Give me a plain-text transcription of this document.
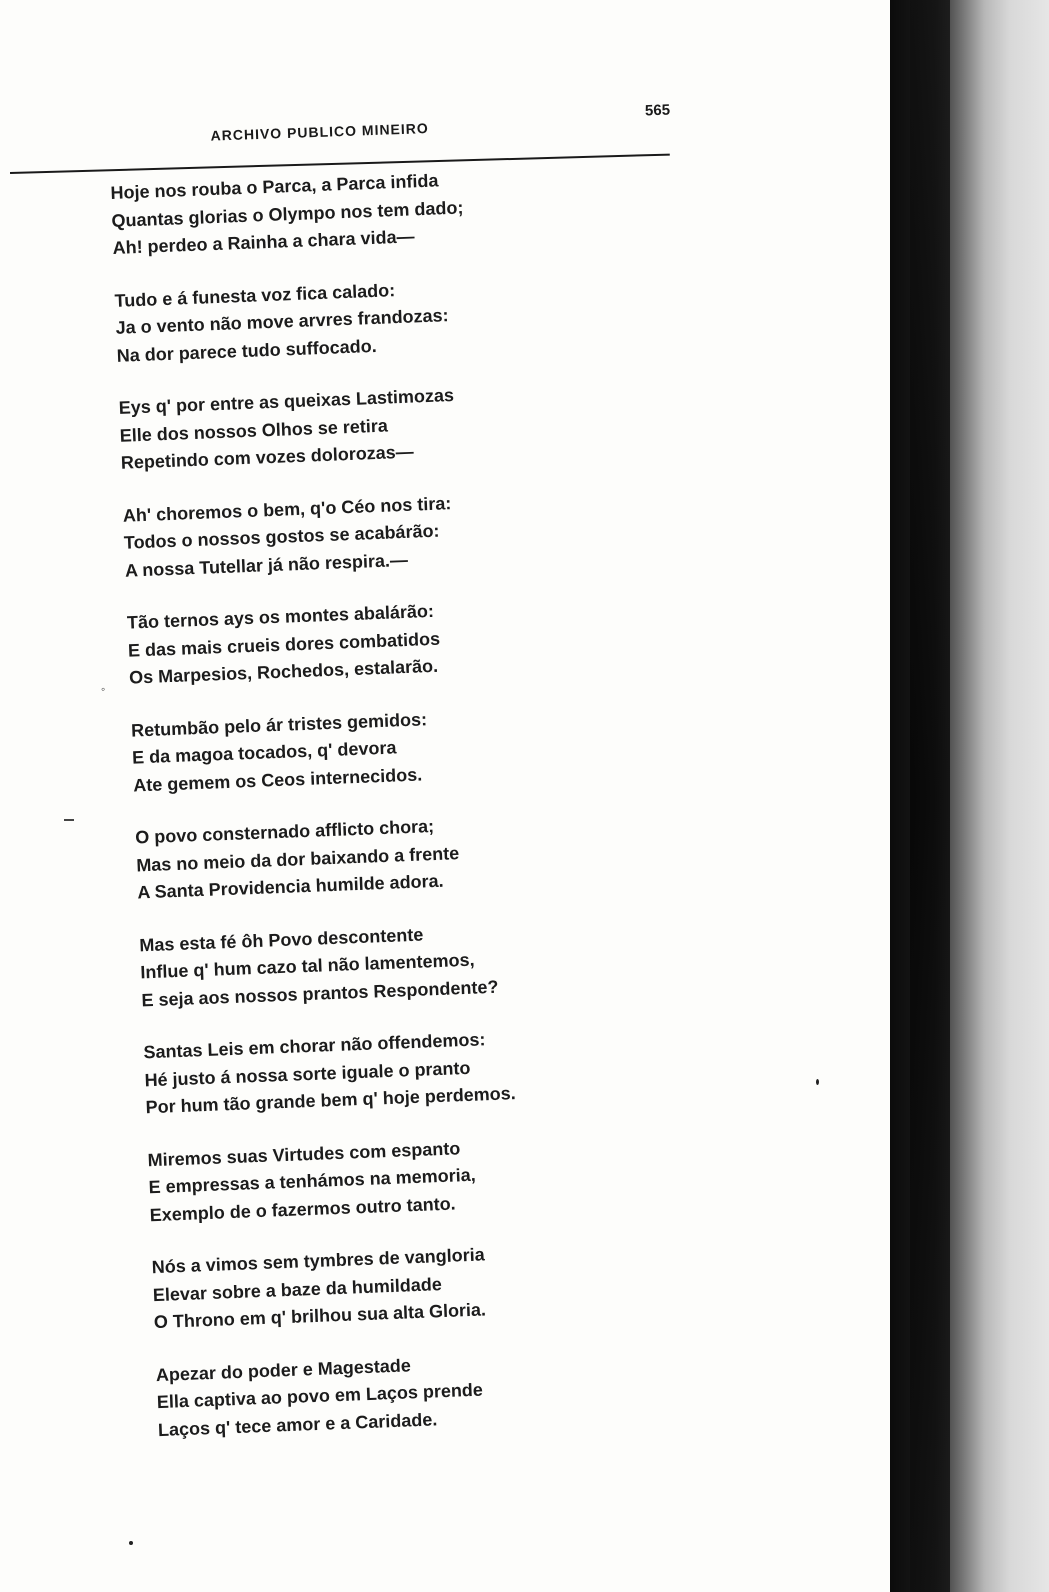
ARCHIVO PUBLICO MINEIRO
565
Hoje nos rouba o Parca, a Parca infida
Quantas glorias o Olympo nos tem dado;
Ah! perdeo a Rainha a chara vida—
Tudo e á funesta voz fica calado:
Ja o vento não move arvres frandozas:
Na dor parece tudo suffocado.
Eys q' por entre as queixas Lastimozas
Elle dos nossos Olhos se retira
Repetindo com vozes dolorozas—
Ah' choremos o bem, q'o Céo nos tira:
Todos o nossos gostos se acabárão:
A nossa Tutellar já não respira.—
Tão ternos ays os montes abalárão:
E das mais crueis dores combatidos
Os Marpesios, Rochedos, estalarão.
Retumbão pelo ár tristes gemidos:
E da magoa tocados, q' devora
Ate gemem os Ceos internecidos.
O povo consternado afflicto chora;
Mas no meio da dor baixando a frente
A Santa Providencia humilde adora.
Mas esta fé ôh Povo descontente
Influe q' hum cazo tal não lamentemos,
E seja aos nossos prantos Respondente?
Santas Leis em chorar não offendemos:
Hé justo á nossa sorte iguale o pranto
Por hum tão grande bem q' hoje perdemos.
Miremos suas Virtudes com espanto
E empressas a tenhámos na memoria,
Exemplo de o fazermos outro tanto.
Nós a vimos sem tymbres de vangloria
Elevar sobre a baze da humildade
O Throno em q' brilhou sua alta Gloria.
Apezar do poder e Magestade
Ella captiva ao povo em Laços prende
Laços q' tece amor e a Caridade.
◦
